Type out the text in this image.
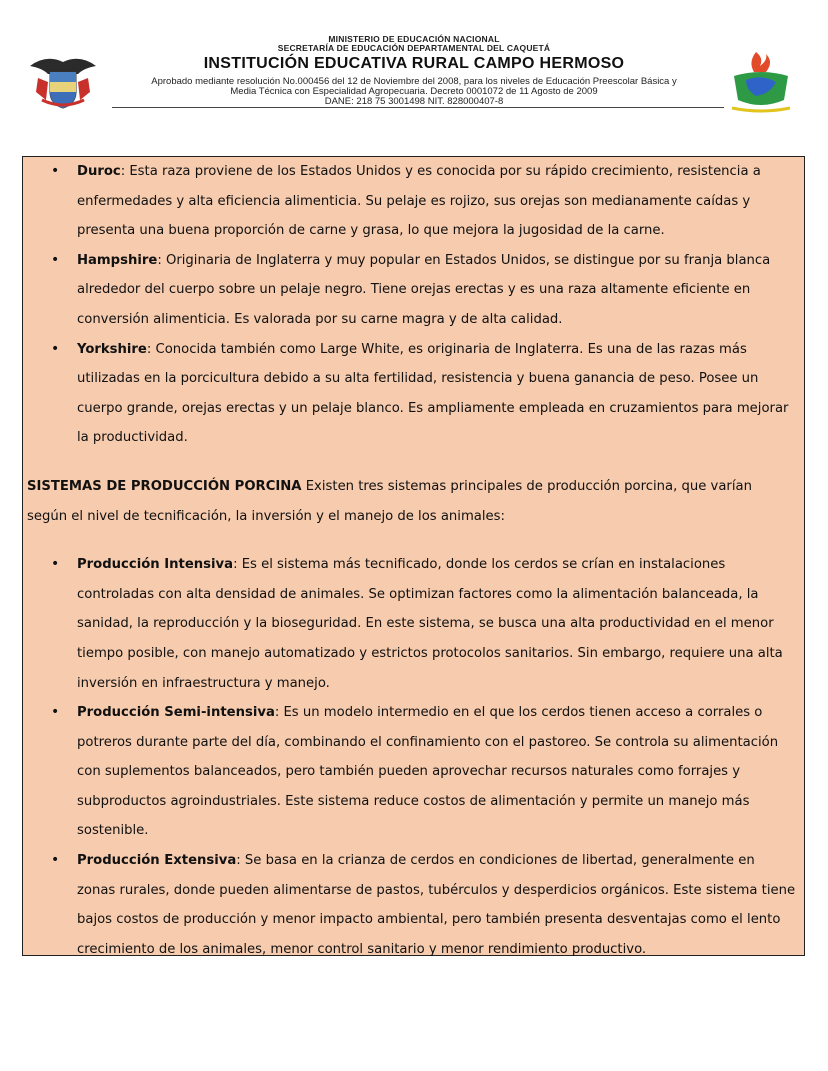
MINISTERIO DE EDUCACIÓN NACIONAL
SECRETARÍA DE EDUCACIÓN DEPARTAMENTAL DEL CAQUETÁ
INSTITUCIÓN EDUCATIVA RURAL CAMPO HERMOSO
Aprobado mediante resolución No.000456 del 12 de Noviembre del 2008, para los niveles de Educación Preescolar Básica y
Media Técnica con Especialidad Agropecuaria. Decreto 0001072 de 11 Agosto de 2009
DANE: 218 75 3001498 NIT. 828000407-8
• Duroc: Esta raza proviene de los Estados Unidos y es conocida por su rápido crecimiento, resistencia a enfermedades y alta eficiencia alimenticia. Su pelaje es rojizo, sus orejas son medianamente caídas y presenta una buena proporción de carne y grasa, lo que mejora la jugosidad de la carne.
• Hampshire: Originaria de Inglaterra y muy popular en Estados Unidos, se distingue por su franja blanca alrededor del cuerpo sobre un pelaje negro. Tiene orejas erectas y es una raza altamente eficiente en conversión alimenticia. Es valorada por su carne magra y de alta calidad.
• Yorkshire: Conocida también como Large White, es originaria de Inglaterra. Es una de las razas más utilizadas en la porcicultura debido a su alta fertilidad, resistencia y buena ganancia de peso. Posee un cuerpo grande, orejas erectas y un pelaje blanco. Es ampliamente empleada en cruzamientos para mejorar la productividad.

SISTEMAS DE PRODUCCIÓN PORCINA Existen tres sistemas principales de producción porcina, que varían según el nivel de tecnificación, la inversión y el manejo de los animales:

• Producción Intensiva: Es el sistema más tecnificado, donde los cerdos se crían en instalaciones controladas con alta densidad de animales. Se optimizan factores como la alimentación balanceada, la sanidad, la reproducción y la bioseguridad. En este sistema, se busca una alta productividad en el menor tiempo posible, con manejo automatizado y estrictos protocolos sanitarios. Sin embargo, requiere una alta inversión en infraestructura y manejo.
• Producción Semi-intensiva: Es un modelo intermedio en el que los cerdos tienen acceso a corrales o potreros durante parte del día, combinando el confinamiento con el pastoreo. Se controla su alimentación con suplementos balanceados, pero también pueden aprovechar recursos naturales como forrajes y subproductos agroindustriales. Este sistema reduce costos de alimentación y permite un manejo más sostenible.
• Producción Extensiva: Se basa en la crianza de cerdos en condiciones de libertad, generalmente en zonas rurales, donde pueden alimentarse de pastos, tubérculos y desperdicios orgánicos. Este sistema tiene bajos costos de producción y menor impacto ambiental, pero también presenta desventajas como el lento crecimiento de los animales, menor control sanitario y menor rendimiento productivo.
